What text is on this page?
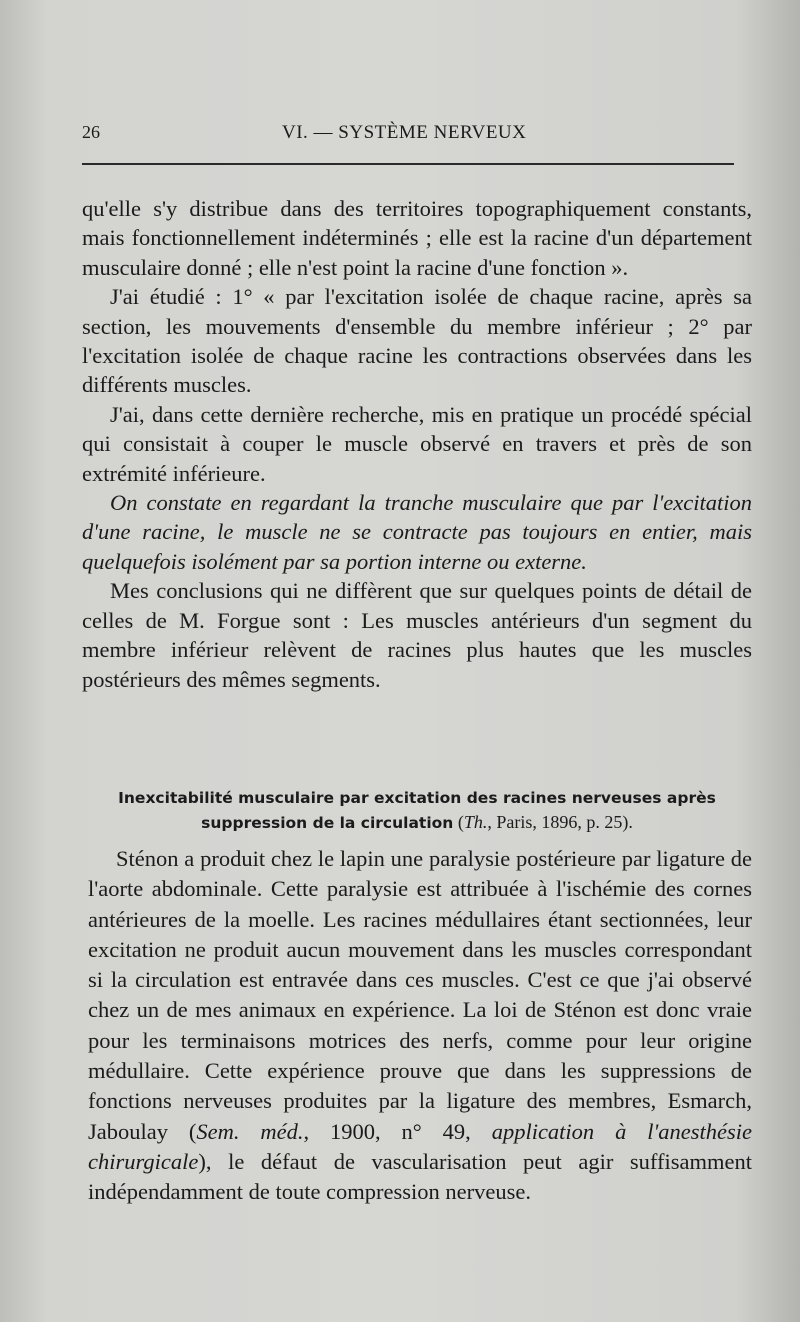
26	VI. — SYSTÈME NERVEUX

qu'elle s'y distribue dans des territoires topographiquement constants, mais fonctionnellement indéterminés ; elle est la racine d'un département musculaire donné ; elle n'est point la racine d'une fonction ».

J'ai étudié : 1° « par l'excitation isolée de chaque racine, après sa section, les mouvements d'ensemble du membre inférieur ; 2° par l'excitation isolée de chaque racine les contractions observées dans les différents muscles.

J'ai, dans cette dernière recherche, mis en pratique un procédé spécial qui consistait à couper le muscle observé en travers et près de son extrémité inférieure.

On constate en regardant la tranche musculaire que par l'excitation d'une racine, le muscle ne se contracte pas toujours en entier, mais quelquefois isolément par sa portion interne ou externe.

Mes conclusions qui ne diffèrent que sur quelques points de détail de celles de M. Forgue sont : Les muscles antérieurs d'un segment du membre inférieur relèvent de racines plus hautes que les muscles postérieurs des mêmes segments.

Inexcitabilité musculaire par excitation des racines nerveuses après suppression de la circulation (Th., Paris, 1896, p. 25).

Sténon a produit chez le lapin une paralysie postérieure par ligature de l'aorte abdominale. Cette paralysie est attribuée à l'ischémie des cornes antérieures de la moelle. Les racines médullaires étant sectionnées, leur excitation ne produit aucun mouvement dans les muscles correspondant si la circulation est entravée dans ces muscles. C'est ce que j'ai observé chez un de mes animaux en expérience. La loi de Sténon est donc vraie pour les terminaisons motrices des nerfs, comme pour leur origine médullaire. Cette expérience prouve que dans les suppressions de fonctions nerveuses produites par la ligature des membres, Esmarch, Jaboulay (Sem. méd., 1900, n° 49, application à l'anesthésie chirurgicale), le défaut de vascularisation peut agir suffisamment indépendamment de toute compression nerveuse.
